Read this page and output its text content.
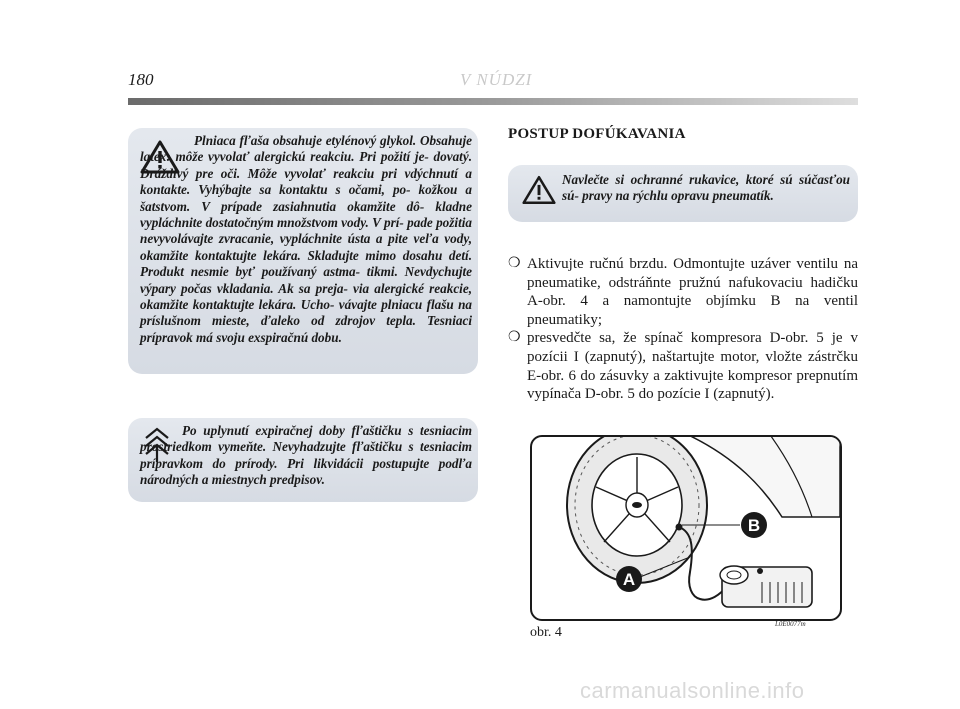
180	V NÚDZI
Plniaca fľaša obsahuje etylénový glykol. Obsahuje latex: môže vyvolať alergickú reakciu. Pri požití je- dovatý. Dráždivý pre oči. Môže vyvolať reakciu pri vdýchnutí a kontakte. Vyhýbajte sa kontaktu s očami, po- kožkou a šatstvom. V prípade zasiahnutia okamžite dô- kladne vypláchnite dostatočným množstvom vody. V prí- pade požitia nevyvolávajte zvracanie, vypláchnite ústa a pite veľa vody, okamžite kontaktujte lekára. Skladujte mimo dosahu detí. Produkt nesmie byť používaný astma- tikmi. Nevdychujte výpary počas vkladania. Ak sa preja- via alergické reakcie, okamžite kontaktujte lekára. Ucho- vávajte plniacu flašu na príslušnom mieste, ďaleko od zdrojov tepla. Tesniaci prípravok má svoju exspiračnú dobu.
Po uplynutí expiračnej doby fľaštičku s tesniacim prostriedkom vymeňte. Nevyhadzujte fľaštičku s tesniacim prípravkom do prírody. Pri likvidácii postupujte podľa národných a miestnych predpisov.
POSTUP DOFÚKAVANIA
Navlečte si ochranné rukavice, ktoré sú súčasťou sú- pravy na rýchlu opravu pneumatík.
❍ Aktivujte ručnú brzdu. Odmontujte uzáver ventilu na pneumatike, odstráňnte pružnú nafukovaciu hadičku A-obr. 4 a namontujte objímku B na ventil pneumatiky;
❍ presvedčte sa, že spínač kompresora D-obr. 5 je v pozícii I (zapnutý), naštartujte motor, vložte zástrčku E-obr. 6 do zásuvky a zaktivujte kompresor prepnutím vypínača D-obr. 5 do pozície I (zapnutý).
B
A
obr. 4
L0E0077m
carmanualsonline.info
